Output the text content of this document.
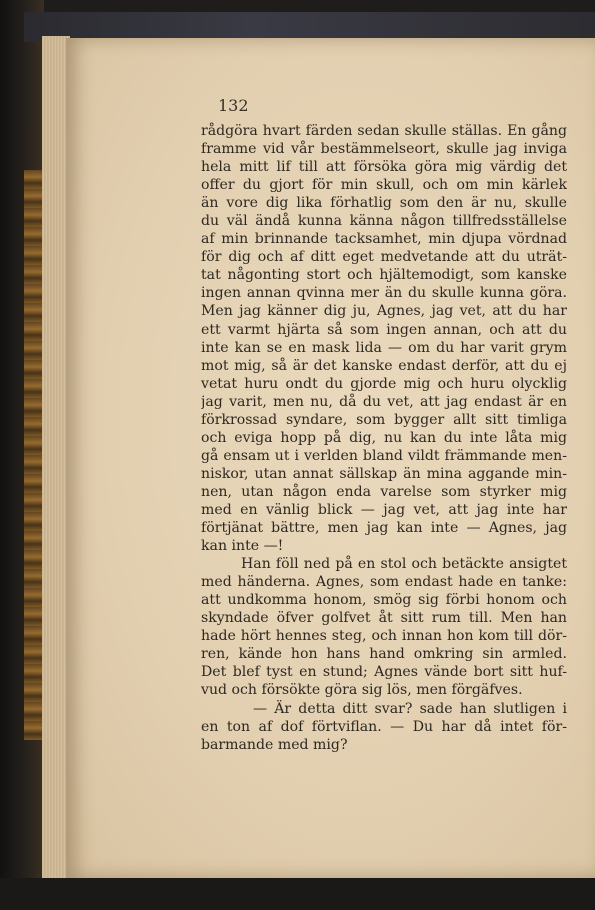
132
rådgöra hvart färden sedan skulle ställas. En gång
framme vid vår bestämmelseort, skulle jag inviga
hela mitt lif till att försöka göra mig värdig det
offer du gjort för min skull, och om min kärlek
än vore dig lika förhatlig som den är nu, skulle
du väl ändå kunna känna någon tillfredsställelse
af min brinnande tacksamhet, min djupa vördnad
för dig och af ditt eget medvetande att du uträt-
tat någonting stort och hjältemodigt, som kanske
ingen annan qvinna mer än du skulle kunna göra.
Men jag känner dig ju, Agnes, jag vet, att du har
ett varmt hjärta så som ingen annan, och att du
inte kan se en mask lida — om du har varit grym
mot mig, så är det kanske endast derför, att du ej
vetat huru ondt du gjorde mig och huru olycklig
jag varit, men nu, då du vet, att jag endast är en
förkrossad syndare, som bygger allt sitt timliga
och eviga hopp på dig, nu kan du inte låta mig
gå ensam ut i verlden bland vildt främmande men-
niskor, utan annat sällskap än mina aggande min-
nen, utan någon enda varelse som styrker mig
med en vänlig blick — jag vet, att jag inte har
förtjänat bättre, men jag kan inte — Agnes, jag
kan inte —!
Han föll ned på en stol och betäckte ansigtet
med händerna. Agnes, som endast hade en tanke:
att undkomma honom, smög sig förbi honom och
skyndade öfver golfvet åt sitt rum till. Men han
hade hört hennes steg, och innan hon kom till dör-
ren, kände hon hans hand omkring sin armled.
Det blef tyst en stund; Agnes vände bort sitt huf-
vud och försökte göra sig lös, men förgäfves.
— Är detta ditt svar? sade han slutligen i
en ton af dof förtviflan. — Du har då intet för-
barmande med mig?
